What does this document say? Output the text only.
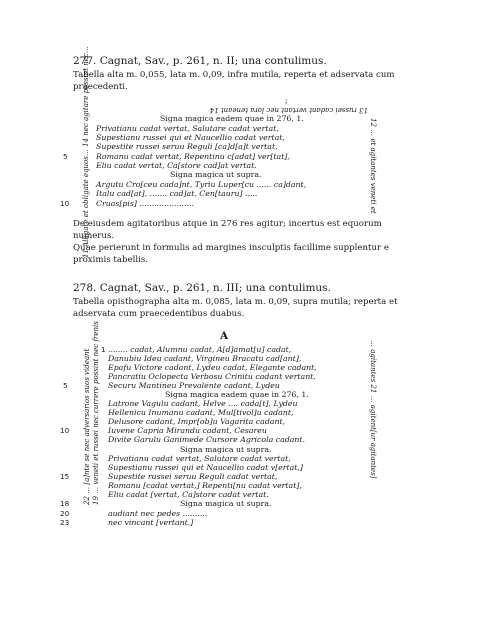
277. Cagnat, Sav., p. 261, n. II; una contulimus.
Tabella alta m. 0,055, lata m. 0,09, infra mutila, reperta et adservata cum praecedenti.
;
13 russei cadant vertant nec lora teneant 14
11 Alligate et obligate equos… 14 nec agitare possint nec…	12 … et agitantes veneti et
Signa magica eadem quae in 276, 1.
Privatianu cadat vertat, Salutare cadat vertat,
Supestianu russei qui et Naucellio cadat vertat,
Supestite russei seruu Reguli [ca]d[a]t vertat,
Romanu cadat vertat, Repentinu c[adat] ver[tat],
Eliu cadat vertat, Ca[store cad]at vertat.
Signa magica ut supra.
Argutu Cro[ceu cada]nt, Tyriu Luper[cu ...... ca]dant,
Italu cad[at], ....... cad]at, Cen[tauru] .....
Cruas[pis] ......................
5
10
De eiusdem agitatoribus atque in 276 res agitur; incertus est equorum numerus.
Quae perierunt in formulis ad margines insculptis facillime supplentur e proximis tabellis.
278. Cagnat, Sav., p. 261, n. III; una contulimus.
Tabella opisthographa alta m. 0,085, lata m. 0,09, supra mutila; reperta et adservata cum praecedentibus duabus.
A
22 … [a]nte se nec adversarios suos videant 19 … veneti et russei nec currere possint nec frenis	… agitantes 21 … agitent[ur agitantes]
........ cadat, Alumnu cadat, A[d]amat[u] cadat,
Danubiu Ideu cadant, Virgineu Bracatu cad[ant],
Epafu Victore cadant, Lydeu cadat, Elegante cadant,
Pancratiu Oclopecta Verbosu Crinitu cadant vertant,
Securu Mantineu Prevalente cadant, Lydeu
Signa magica eadem quae in 276, 1.
Latrone Vagulu cadant, Helve .... cada[t], Lydeu
Hellenicu Inumanu cadant, Mul[tivol]u cadant,
Delusore cadant, Impr[ob]u Vagarita cadant,
Iuvene Capria Mirandu cadant, Cesareu
Divite Garulu Ganimede Cursore Agricola cadant.
Signa magica ut supra.
Privatianu cadat vertat, Salutare cadat vertat,
Supestianu russei qui et Naucellio cadat v[ertat,]
Supestite russei seruu Reguli cadat vertat,
Romanu [cadat vertat,] Repenti[nu cadat vertat],
Eliu cadat [vertat, Ca]store cadat vertat.
Signa magica ut supra.
audiant nec pedes ..........
nec vincant [vertant.]
1
5
10
15
18
20
23
